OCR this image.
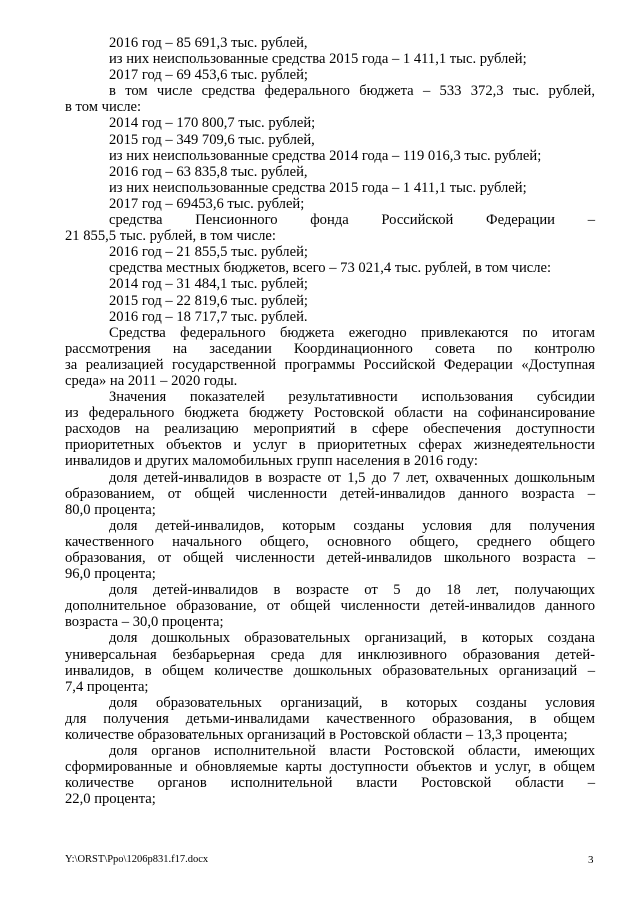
2016 год – 85 691,3 тыс. рублей,
из них неиспользованные средства 2015 года – 1 411,1 тыс. рублей;
2017 год – 69 453,6 тыс. рублей;
в том числе средства федерального бюджета – 533 372,3 тыс. рублей,
в том числе:
2014 год – 170 800,7 тыс. рублей;
2015 год – 349 709,6 тыс. рублей,
из них неиспользованные средства 2014 года – 119 016,3 тыс. рублей;
2016 год – 63 835,8 тыс. рублей,
из них неиспользованные средства 2015 года – 1 411,1 тыс. рублей;
2017 год – 69453,6 тыс. рублей;
средства Пенсионного фонда Российской Федерации –
21 855,5 тыс. рублей, в том числе:
2016 год – 21 855,5 тыс. рублей;
средства местных бюджетов, всего – 73 021,4 тыс. рублей, в том числе:
2014 год – 31 484,1 тыс. рублей;
2015 год – 22 819,6 тыс. рублей;
2016 год – 18 717,7 тыс. рублей.
Средства федерального бюджета ежегодно привлекаются по итогам
рассмотрения на заседании Координационного совета по контролю
за реализацией государственной программы Российской Федерации «Доступная
среда» на 2011 – 2020 годы.
Значения показателей результативности использования субсидии
из федерального бюджета бюджету Ростовской области на софинансирование
расходов на реализацию мероприятий в сфере обеспечения доступности
приоритетных объектов и услуг в приоритетных сферах жизнедеятельности
инвалидов и других маломобильных групп населения в 2016 году:
доля детей-инвалидов в возрасте от 1,5 до 7 лет, охваченных дошкольным
образованием, от общей численности детей-инвалидов данного возраста –
80,0 процента;
доля детей-инвалидов, которым созданы условия для получения
качественного начального общего, основного общего, среднего общего
образования, от общей численности детей-инвалидов школьного возраста –
96,0 процента;
доля детей-инвалидов в возрасте от 5 до 18 лет, получающих
дополнительное образование, от общей численности детей-инвалидов данного
возраста – 30,0 процента;
доля дошкольных образовательных организаций, в которых создана
универсальная безбарьерная среда для инклюзивного образования детей-
инвалидов, в общем количестве дошкольных образовательных организаций –
7,4 процента;
доля образовательных организаций, в которых созданы условия
для получения детьми-инвалидами качественного образования, в общем
количестве образовательных организаций в Ростовской области – 13,3 процента;
доля органов исполнительной власти Ростовской области, имеющих
сформированные и обновляемые карты доступности объектов и услуг, в общем
количестве органов исполнительной власти Ростовской области –
22,0 процента;
Y:\ORST\Ppo\1206p831.f17.docx	3
